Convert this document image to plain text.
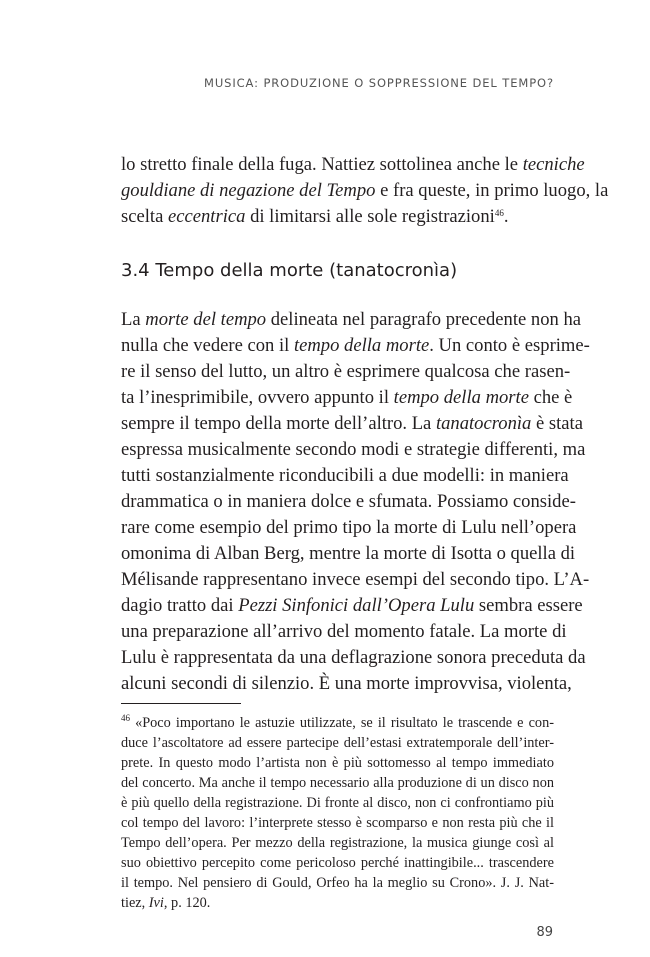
MUSICA: PRODUZIONE O SOPPRESSIONE DEL TEMPO?
lo stretto finale della fuga. Nattiez sottolinea anche le tecniche
gouldiane di negazione del Tempo e fra queste, in primo luogo, la
scelta eccentrica di limitarsi alle sole registrazioni$^{46}$.
3.4 Tempo della morte (tanatocronìa)
La morte del tempo delineata nel paragrafo precedente non ha
nulla che vedere con il tempo della morte. Un conto è esprime-
re il senso del lutto, un altro è esprimere qualcosa che rasen-
ta l’inesprimibile, ovvero appunto il tempo della morte che è
sempre il tempo della morte dell’altro. La tanatocronìa è stata
espressa musicalmente secondo modi e strategie differenti, ma
tutti sostanzialmente riconducibili a due modelli: in maniera
drammatica o in maniera dolce e sfumata. Possiamo conside-
rare come esempio del primo tipo la morte di Lulu nell’opera
omonima di Alban Berg, mentre la morte di Isotta o quella di
Mélisande rappresentano invece esempi del secondo tipo. L’A-
dagio tratto dai Pezzi Sinfonici dall’Opera Lulu sembra essere
una preparazione all’arrivo del momento fatale. La morte di
Lulu è rappresentata da una deflagrazione sonora preceduta da
alcuni secondi di silenzio. È una morte improvvisa, violenta,
$^{46}$ «Poco importano le astuzie utilizzate, se il risultato le trascende e con-
duce l’ascoltatore ad essere partecipe dell’estasi extratemporale dell’inter-
prete. In questo modo l’artista non è più sottomesso al tempo immediato
del concerto. Ma anche il tempo necessario alla produzione di un disco non
è più quello della registrazione. Di fronte al disco, non ci confrontiamo più
col tempo del lavoro: l’interprete stesso è scomparso e non resta più che il
Tempo dell’opera. Per mezzo della registrazione, la musica giunge così al
suo obiettivo percepito come pericoloso perché inattingibile... trascendere
il tempo. Nel pensiero di Gould, Orfeo ha la meglio su Crono». J. J. Nat-
tiez, Ivi, p. 120.
89
